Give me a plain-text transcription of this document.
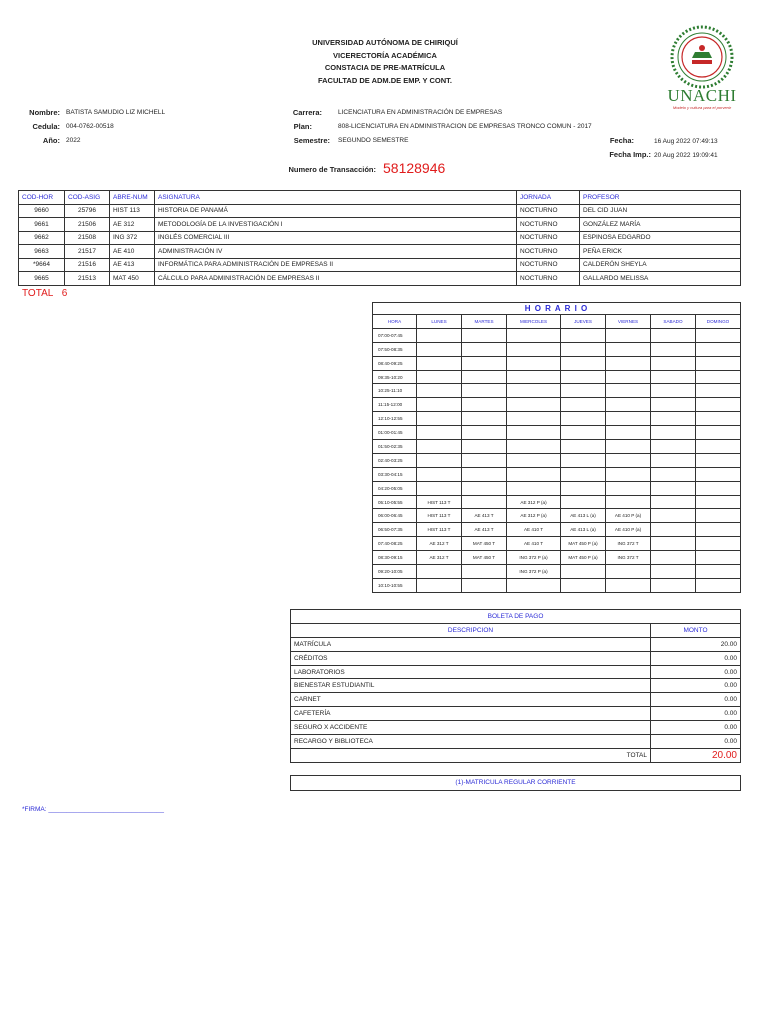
UNIVERSIDAD AUTÓNOMA DE CHIRIQUÍ
VICERECTORÍA ACADÉMICA
CONSTACIA DE PRE-MATRÍCULA
FACULTAD DE ADM.DE EMP. Y CONT.
UNACHI
Modelo y cultura para el porvenir
Nombre: BATISTA SAMUDIO LIZ MICHELL
Cedula: 004-0762-00518
Año: 2022
Carrera: LICENCIATURA EN ADMINISTRACIÓN DE EMPRESAS
Plan:	808-LICENCIATURA EN ADMINISTRACION DE EMPRESAS TRONCO COMUN - 2017
Semestre: SEGUNDO SEMESTRE	Fecha:	16 Aug 2022 07:49:13
Fecha Imp.: 20 Aug 2022 19:09:41
Numero de Transacción: 58128946
COD-HOR	COD-ASIG	ABRE-NUM	ASIGNATURA	JORNADA	PROFESOR
9660	25796	HIST 113	HISTORIA DE PANAMÁ	NOCTURNO	DEL CID JUAN
9661	21506	AE 312	METODOLOGÍA DE LA INVESTIGACIÓN I	NOCTURNO	GONZÁLEZ MARÍA
9662	21508	ING 372	INGLÉS COMERCIAL III	NOCTURNO	ESPINOSA EDGARDO
9663	21517	AE 410	ADMINISTRACIÓN IV	NOCTURNO	PEÑA ERICK
*9664	21516	AE 413	INFORMÁTICA PARA ADMINISTRACIÓN DE EMPRESAS II	NOCTURNO	CALDERÓN SHEYLA
9665	21513	MAT 450	CÁLCULO PARA ADMINISTRACIÓN DE EMPRESAS II	NOCTURNO	GALLARDO MELISSA
TOTAL 6
H O R A R I O							
HORA	LUNES	MARTES	MIERCOLES	JUEVES	VIERNES	SABADO	DOMINGO
07:00-07:45							
07:50-08:35							
08:40-09:25							
09:35-10:20							
10:25-11:10							
11:15-12:00							
12:10-12:55							
01:00-01:45							
01:50-02:35							
02:40-03:25							
03:30-04:15							
04:20-05:05							
05:10-05:55	HIST 113 T		AE 312 P (a)				
06:00-06:45	HIST 113 T	AE 413 T	AE 312 P (a)	AE 413 L (a)	AE 410 P (a)		
06:50-07:35	HIST 113 T	AE 413 T	AE 410 T	AE 413 L (a)	AE 410 P (a)		
07:40-08:25	AE 312 T	MAT 450 T	AE 410 T	MAT 450 P (a)	ING 372 T		
08:30-09:15	AE 312 T	MAT 450 T	ING 372 P (a)	MAT 450 P (a)	ING 372 T		
09:20-10:05			ING 372 P (a)				
10:10-10:55							
BOLETA DE PAGO	
DESCRIPCION	MONTO
MATRÍCULA	20.00
CRÉDITOS	0.00
LABORATORIOS	0.00
BIENESTAR ESTUDIANTIL	0.00
CARNET	0.00
CAFETERÍA	0.00
SEGURO X ACCIDENTE	0.00
RECARGO Y BIBLIOTECA	0.00
TOTAL	20.00
(1)-MATRICULA REGULAR CORRIENTE
*FIRMA: ________________________________
